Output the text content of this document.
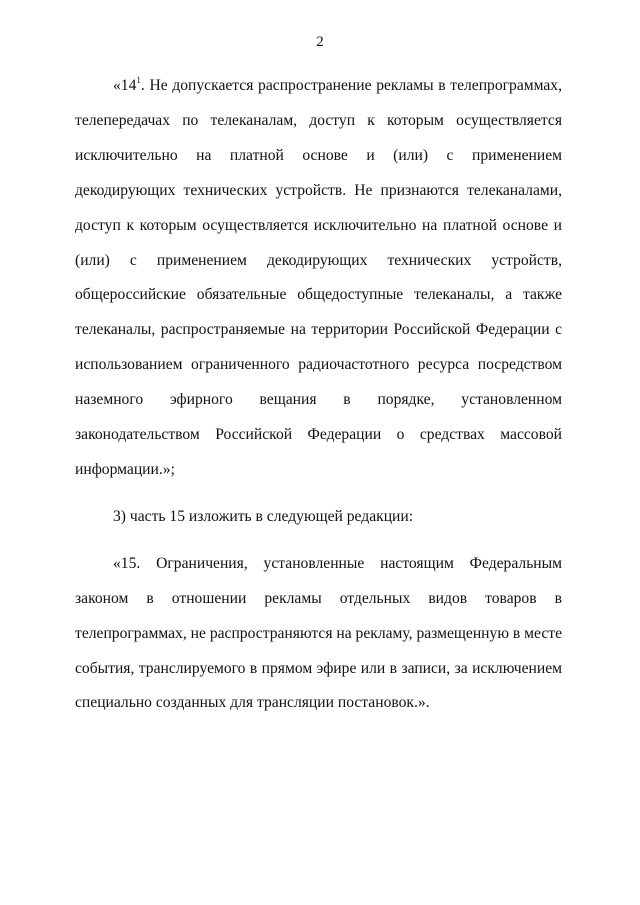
2

«$14^1$. Не допускается распространение рекламы в телепрограммах, телепередачах по телеканалам, доступ к которым осуществляется исключительно на платной основе и (или) с применением декодирующих технических устройств. Не признаются телеканалами, доступ к которым осуществляется исключительно на платной основе и (или) с применением декодирующих технических устройств, общероссийские обязательные общедоступные телеканалы, а также телеканалы, распространяемые на территории Российской Федерации с использованием ограниченного радиочастотного ресурса посредством наземного эфирного вещания в порядке, установленном законодательством Российской Федерации о средствах массовой информации.»;

3) часть 15 изложить в следующей редакции:

«15. Ограничения, установленные настоящим Федеральным законом в отношении рекламы отдельных видов товаров в телепрограммах, не распространяются на рекламу, размещенную в месте события, транслируемого в прямом эфире или в записи, за исключением специально созданных для трансляции постановок.».
